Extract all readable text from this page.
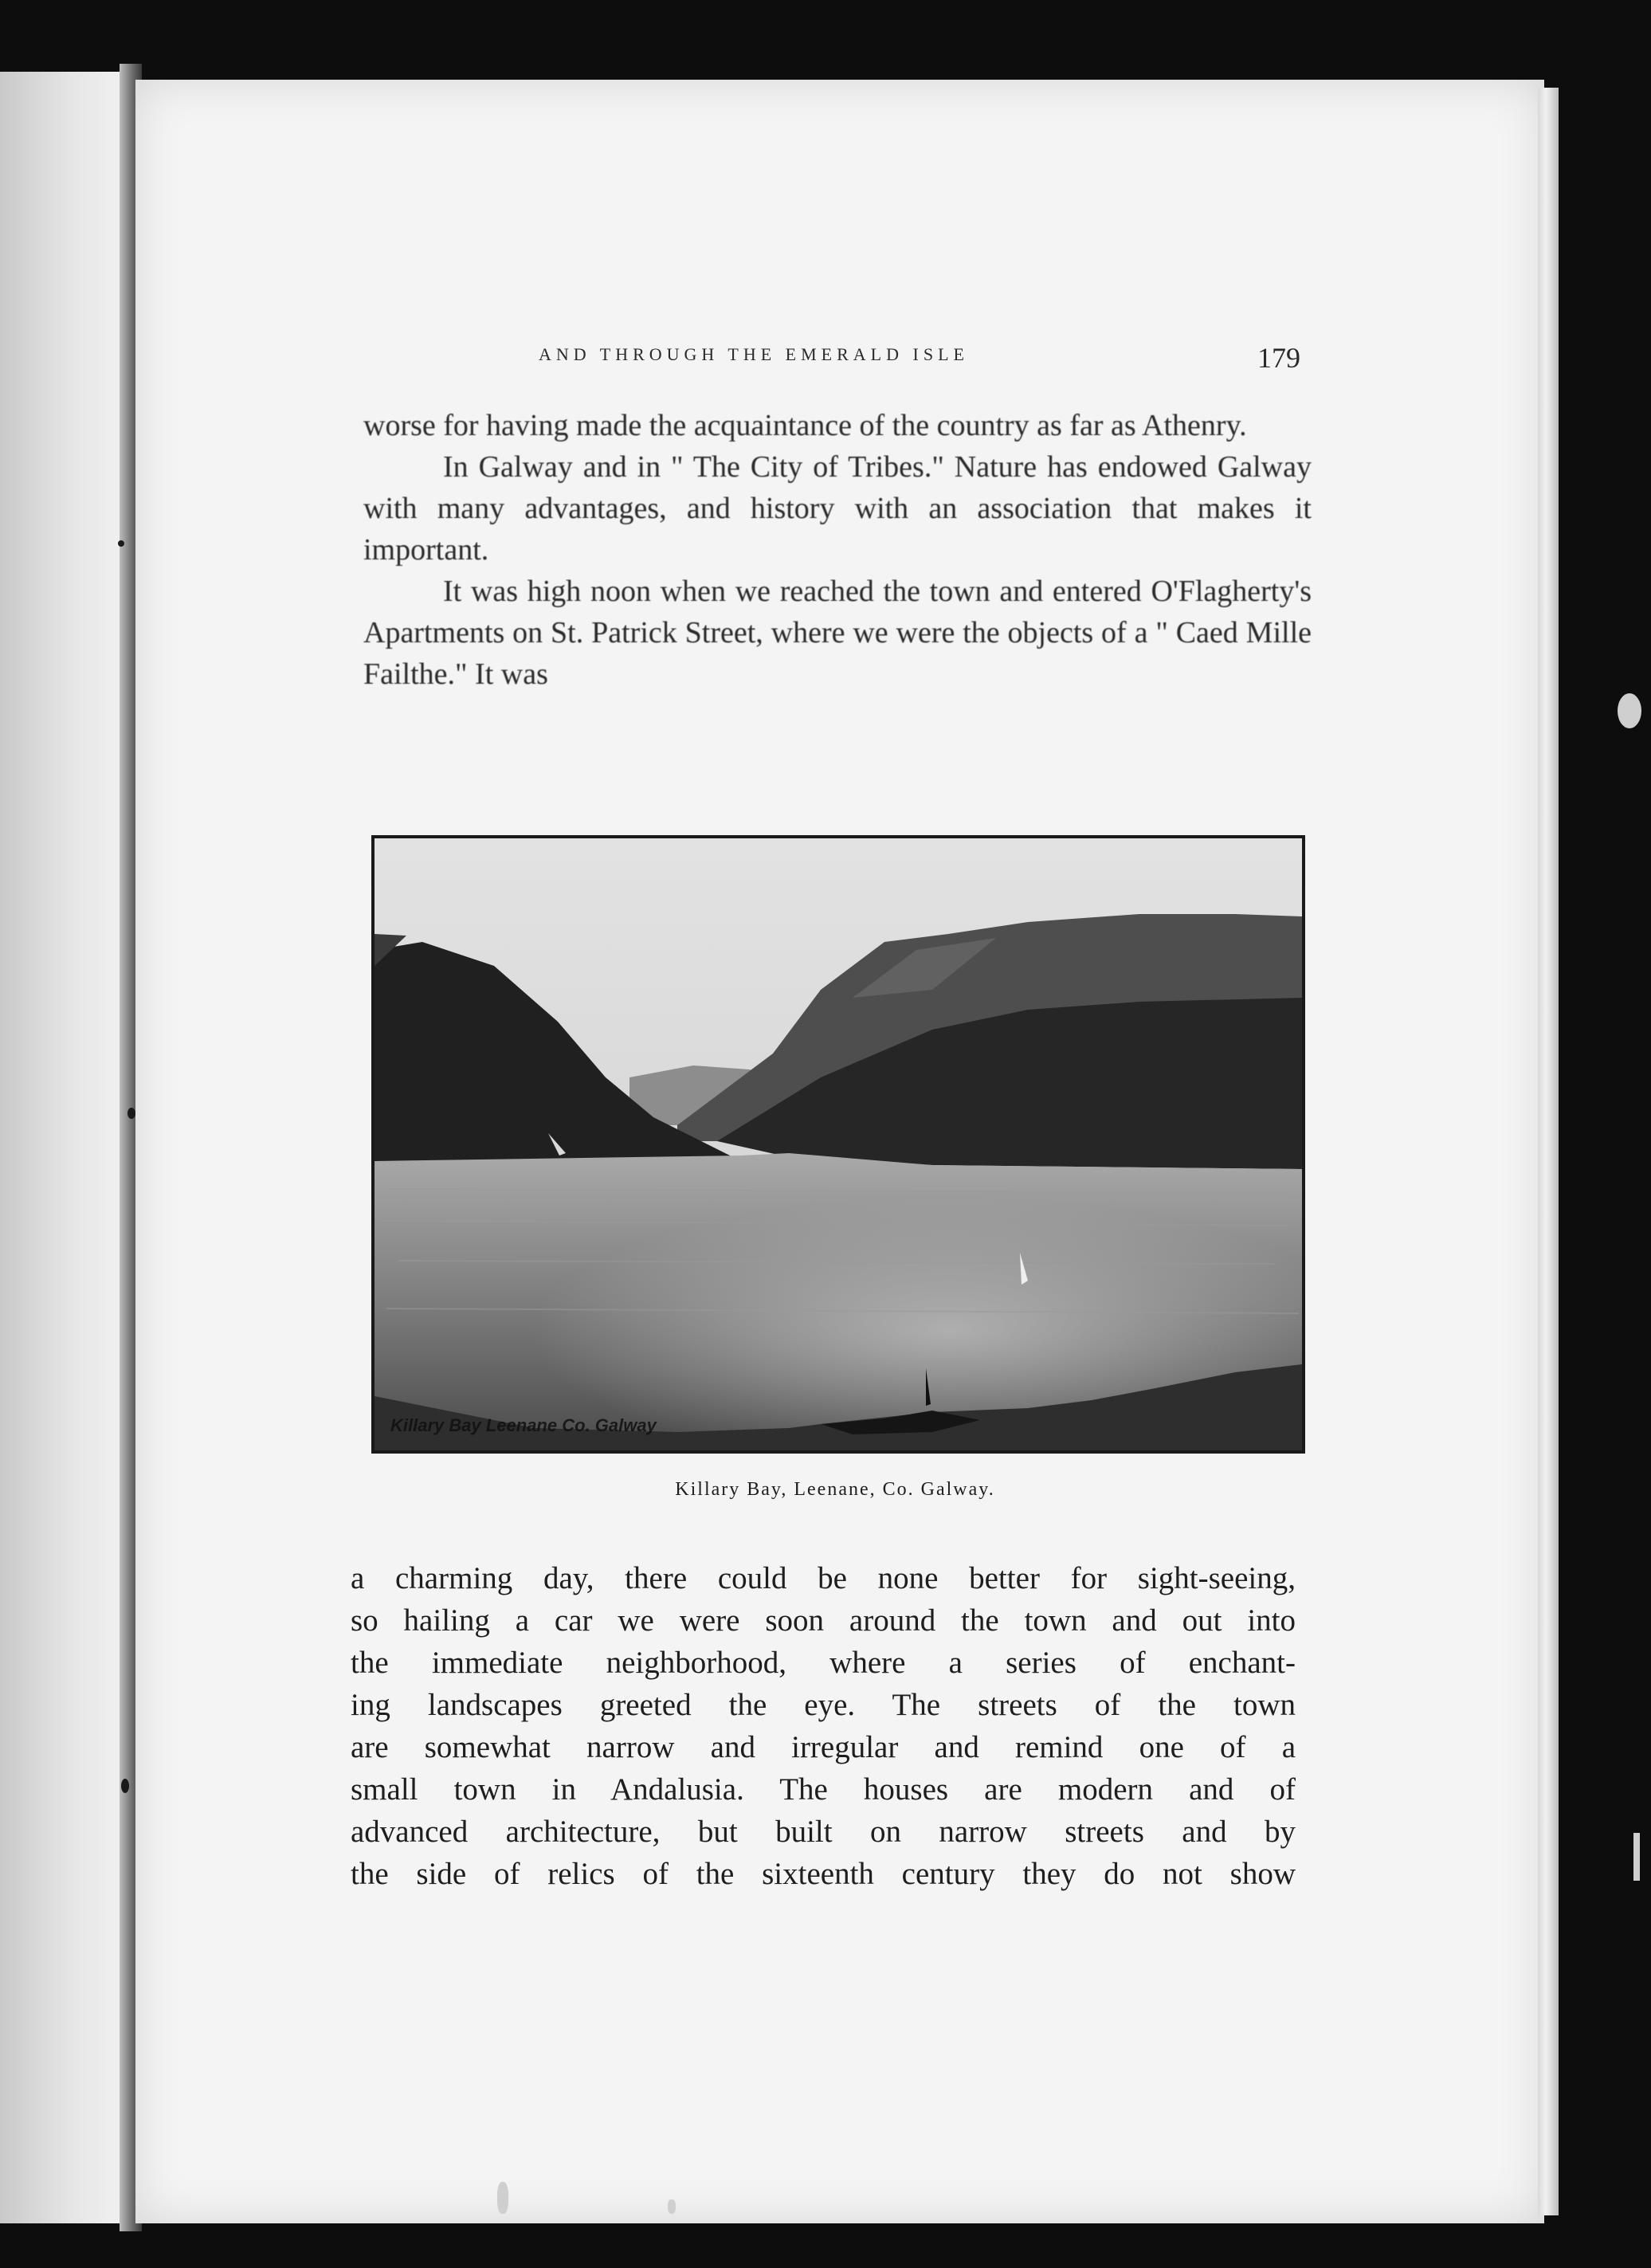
AND THROUGH THE EMERALD ISLE	179

worse for having made the acquaintance of the country as far as Athenry.

In Galway and in " The City of Tribes." Nature has endowed Galway with many advantages, and history with an association that makes it important.

It was high noon when we reached the town and entered O'Flagherty's Apartments on St. Patrick Street, where we were the objects of a " Caed Mille Failthe." It was

Killary Bay Leenane Co. Galway
Killary Bay, Leenane, Co. Galway.

a charming day, there could be none better for sight-seeing,

so hailing a car we were soon around the town and out into

the immediate neighborhood, where a series of enchant-

ing landscapes greeted the eye. The streets of the town

are somewhat narrow and irregular and remind one of a

small town in Andalusia. The houses are modern and of

advanced architecture, but built on narrow streets and by

the side of relics of the sixteenth century they do not show
